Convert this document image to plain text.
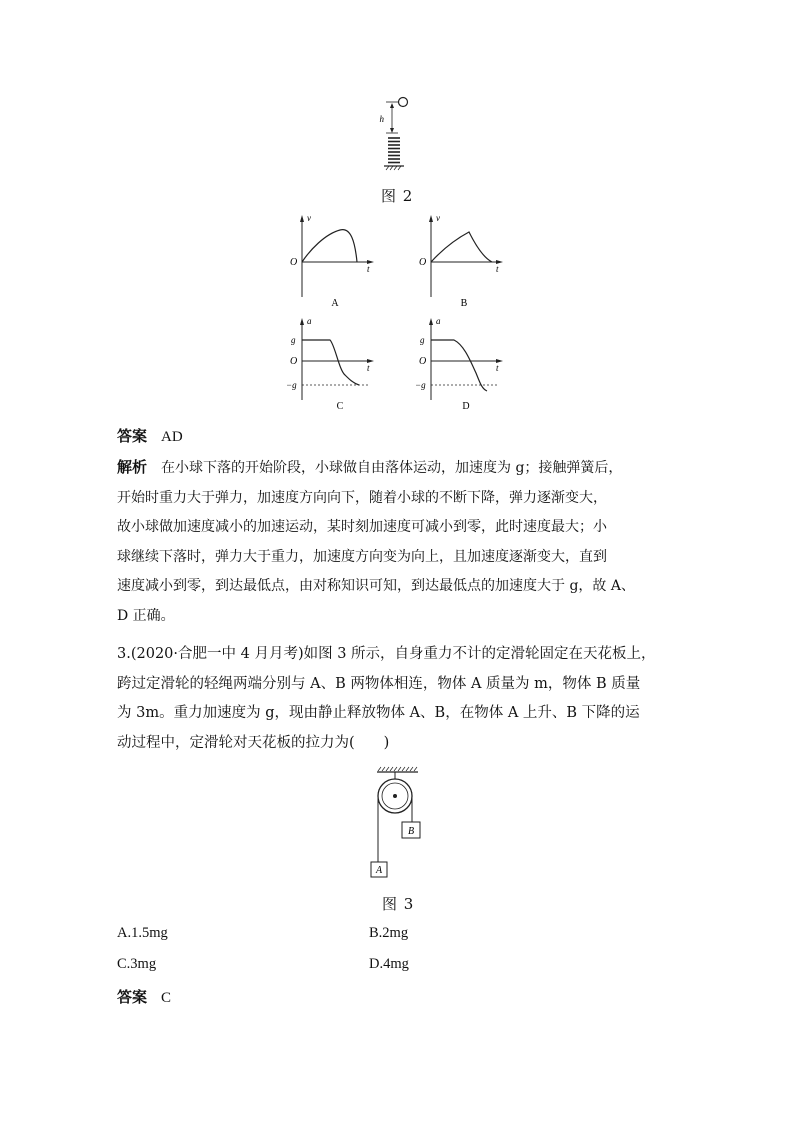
h
图 2
v
t
O
A
v
t
O
B
a
t
O
g
−g
C
a
t
O
g
−g
D
答案 AD
解析 在小球下落的开始阶段，小球做自由落体运动，加速度为 g；接触弹簧后，
开始时重力大于弹力，加速度方向向下，随着小球的不断下降，弹力逐渐变大，
故小球做加速度减小的加速运动，某时刻加速度可减小到零，此时速度最大；小
球继续下落时，弹力大于重力，加速度方向变为向上，且加速度逐渐变大，直到
速度减小到零，到达最低点，由对称知识可知，到达最低点的加速度大于 g，故 A、
D 正确。
3.(2020·合肥一中 4 月月考)如图 3 所示，自身重力不计的定滑轮固定在天花板上，
跨过定滑轮的轻绳两端分别与 A、B 两物体相连，物体 A 质量为 m，物体 B 质量
为 3m。重力加速度为 g，现由静止释放物体 A、B，在物体 A 上升、B 下降的运
动过程中，定滑轮对天花板的拉力为(　　)
B
A
图 3
A.1.5mg	B.2mg
C.3mg	D.4mg
答案 C
